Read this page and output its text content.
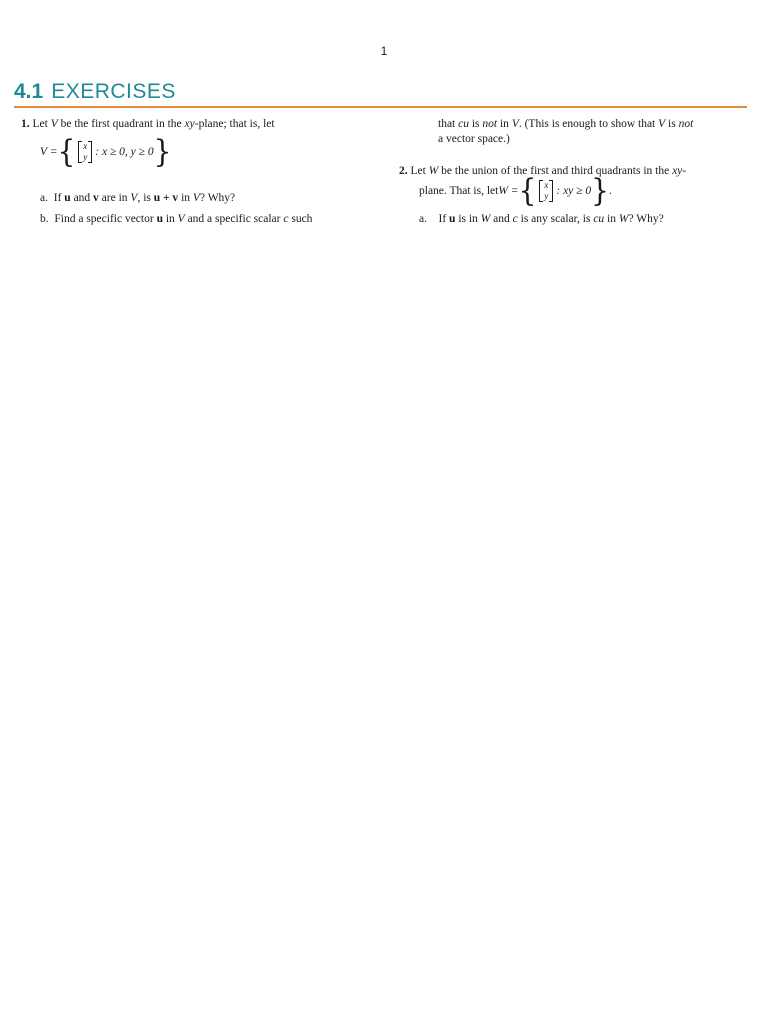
1
4.1 EXERCISES
1. Let V be the first quadrant in the xy-plane; that is, let
V = { x
y : x ≥ 0, y ≥ 0 }
a. If u and v are in V, is u + v in V? Why?
b. Find a specific vector u in V and a specific scalar c such
that cu is not in V. (This is enough to show that V is not
a vector space.)
2. Let W be the union of the first and third quadrants in the xy-
plane. That is, let W = { x
y : xy ≥ 0 } .
a. If u is in W and c is any scalar, is cu in W? Why?
